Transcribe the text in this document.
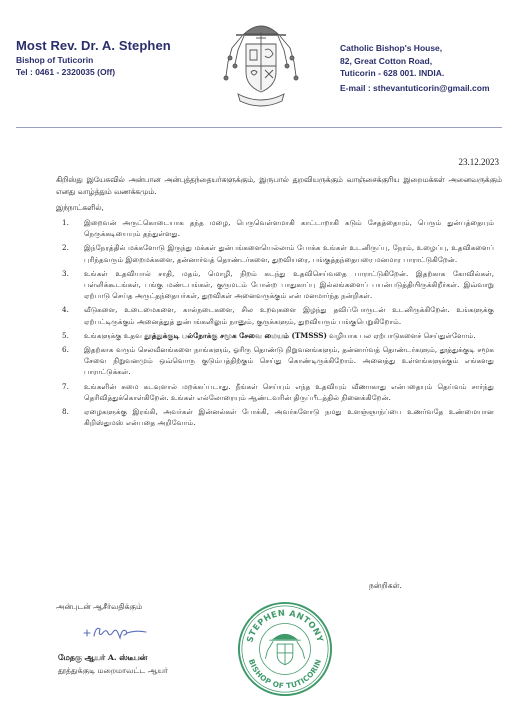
Most Rev. Dr. A. Stephen
Bishop of Tuticorin
Tel : 0461 - 2320035 (Off)
Catholic Bishop's House,
82, Great Cotton Road,
Tuticorin - 628 001. INDIA.
E-mail : sthevantuticorin@gmail.com
23.12.2023
கிறிஸ்து இயேசுவில் அன்பான அன்புத்தந்தையர்களுக்கும், இருபால் துறவியருக்கும் வாஞ்சைக்குரிய இறைமக்கள் அனைவருக்கும் எனது வாழ்த்தும் வணக்கமும்.
இந்நாட்களில்,
1. இறைவன் அருட்கொடையாக தந்த மழை, பெருவெள்ளமாகி காட்டாறாகி கடும் சேதத்தையும், பெரும் துன்பத்தையும் நெருக்கடியையும் தந்துள்ளது.
2. இந்நேரத்தில் மக்களோடு இருந்து மக்கள் துன்பங்களையெல்லாம் போக்க உங்கள் உடனிருப்பு, நேரம், உழைப்பு, உதவிகளைப் புரிந்தவரும் இறைமக்களை, தன்னார்வத் தொண்டர்களை, துறவியரை, பங்குத்தந்தையரை மனமார பாராட்டுகிறேன்.
3. உங்கள் உதவியால் சாதி, மதம், மொழி, நிறம் கடந்து உதவிசெய்வதை பாராட்டுகிறேன். இதற்காக கோவில்கள், பள்ளிக்கூடங்கள், பங்கு மண்டபங்கள், குருமடம் போன்ற பாதுகாப்பு இல்லங்களைப் பயன்படுத்தியிருக்கிறீர்கள். இவ்வாறு ஏற்பாடு செய்த அருட்தந்தையர்கள், துறவிகள் அனைவருக்கும் என் மனமார்ந்த நன்றிகள்.
4. வீடுகளை, உடைமைகளை, கால்நடைகளை, சில உறவுகளை இழந்து தவிப்போருடன் உடனிருக்கிறேன். உங்களுக்கு ஏற்பட்டிருக்கும் அனைத்துத் துன்பங்களிலும் நானும், குருக்களும், துறவியரும் பங்குபெறுகிறோம்.
5. உங்களுக்கு உதவ தூத்துக்குடி பல்நோக்கு சமூக சேவை மையம் (TMSSS) வழியாக பல ஏற்பாடுகளைச் செய்துள்ளோம்.
6. இதற்காக வரும் செலவீனங்களை நாங்களும், ஓரிரு தொண்டு நிறுவனங்களும், தன்னார்வத் தொண்டர்களும், தூத்துக்குடி சமூக சேவை நிறுவனமும் ஒவ்வொரு குடும்பத்திற்கும் செய்து கொண்டிருக்கிறோம். அனைத்து உள்ளங்களுக்கும் எங்களது பாராட்டுக்கள்.
7. உங்களின் சுமை கடவுளால் மறக்கப்படாது. நீங்கள் செய்யும் எந்த உதவியும் வீணாகாது என்பதையும் தெய்வம் சார்ந்து தெரிவித்துக்கொள்கிறேன். உங்கள் எல்லோரையும் ஆண்டவரின் திருப்பீடத்தில் நினைக்கிறேன்.
8. ஏழைகளுக்கு இரங்கி, அவர்கள் இன்னல்கள் போக்கி, அவர்களோடு நமது உளஞ்ஞாந்ப்பை உணர்வதே உண்மையான கிறிஸ்துமஸ் என்பதை அறிவோம்.
நன்றிகள்.
அன்புடன் ஆசீர்வதிக்கும்
STEPHEN ANTONY
BISHOP OF TUTICORIN
மேதகு ஆயர் A. ஸ்டீபன்
தூத்துக்குடி மறைமாவட்ட ஆயர்
